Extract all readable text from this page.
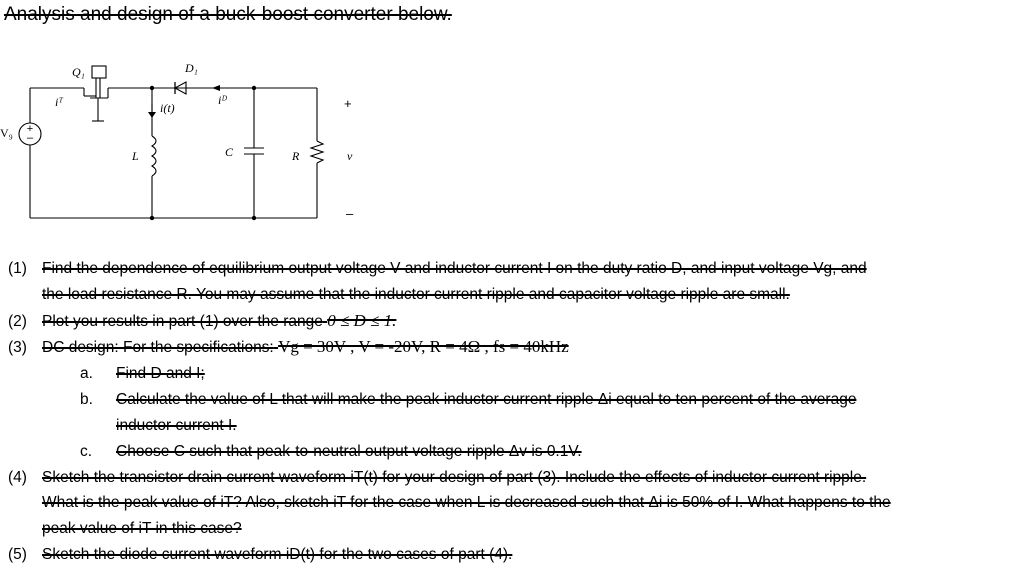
Analysis and design of a buck-boost converter below.
+
–
Q₁	D₁
iᵀ	iᴰ
i(t)
L	C	R	v
+
–
V₉
(1) Find the dependence of equilibrium output voltage V and inductor current I on the duty ratio D, and input voltage Vg, and
the load resistance R. You may assume that the inductor current ripple and capacitor voltage ripple are small.
(2) Plot you results in part (1) over the range 0 ≤ D ≤ 1.
(3) DC design: For the specifications: Vg = 30V , V = -20V, R = 4Ω , fs = 40kHz
a. Find D and I;
b. Calculate the value of L that will make the peak inductor current ripple Δi equal to ten percent of the average
inductor current I.
c. Choose C such that peak-to-neutral output voltage ripple Δv is 0.1V.
(4) Sketch the transistor drain current waveform iT(t) for your design of part (3). Include the effects of inductor current ripple.
What is the peak value of iT? Also, sketch iT for the case when L is decreased such that Δi is 50% of I. What happens to the
peak value of iT in this case?
(5) Sketch the diode current waveform iD(t) for the two cases of part (4).
